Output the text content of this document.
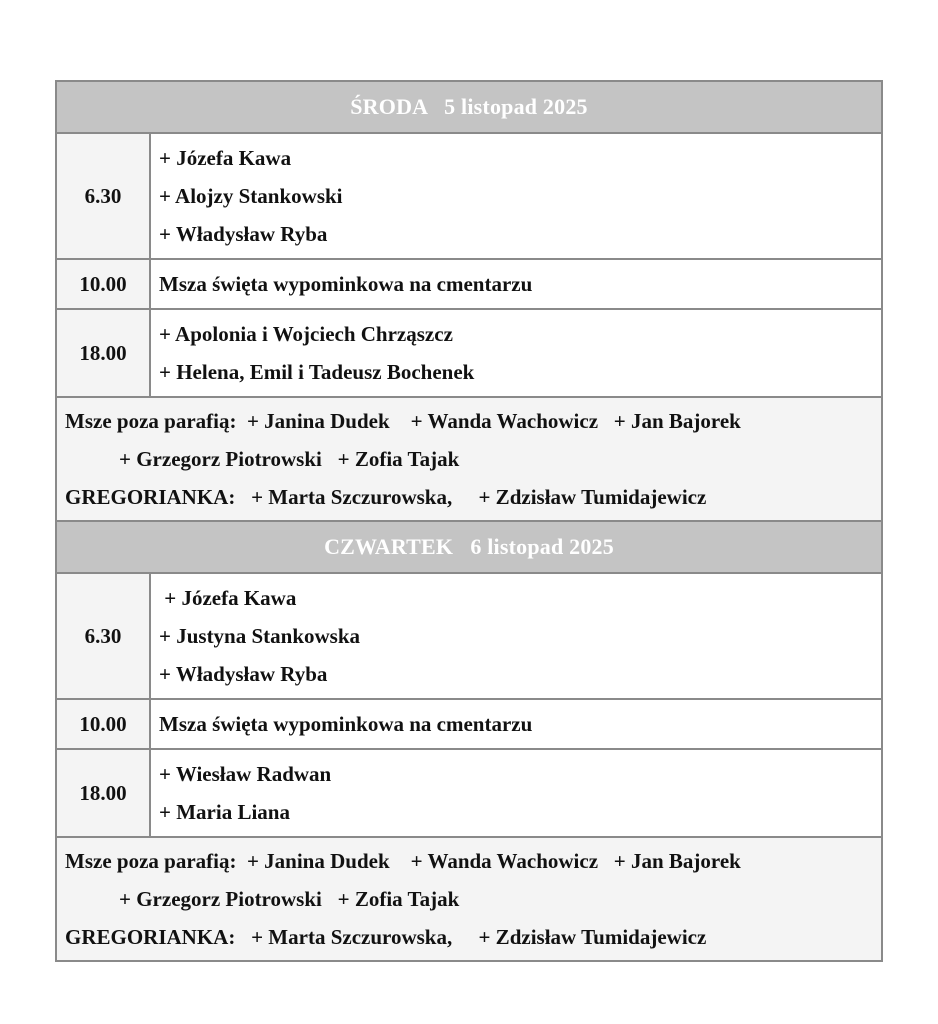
ŚRODA   5 listopad 2025	
6.30	+ Józefa Kawa
+ Alojzy Stankowski
+ Władysław Ryba

10.00	Msza święta wypominkowa na cmentarzu

18.00	+ Apolonia i Wojciech Chrząszcz
+ Helena, Emil i Tadeusz Bochenek

Msze poza parafią:  + Janina Dudek    + Wanda Wachowicz   + Jan Bajorek
+ Grzegorz Piotrowski   + Zofia Tajak
GREGORIANKA:   + Marta Szczurowska,     + Zdzisław Tumidajewicz	

CZWARTEK   6 listopad 2025	
6.30	+ Józefa Kawa
+ Justyna Stankowska
+ Władysław Ryba

10.00	Msza święta wypominkowa na cmentarzu

18.00	+ Wiesław Radwan
+ Maria Liana

Msze poza parafią:  + Janina Dudek    + Wanda Wachowicz   + Jan Bajorek
+ Grzegorz Piotrowski   + Zofia Tajak
GREGORIANKA:   + Marta Szczurowska,     + Zdzisław Tumidajewicz	
